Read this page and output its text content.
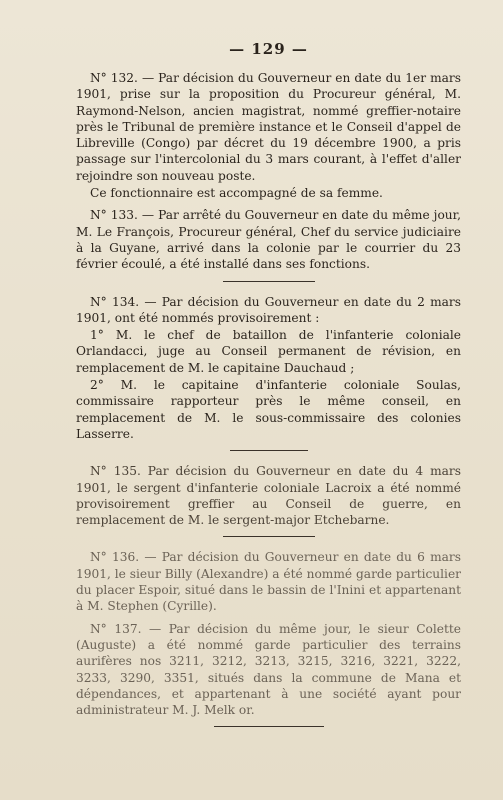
— 129 —

N° 132. — Par décision du Gouverneur en date du 1er mars 1901, prise sur la proposition du Procureur général, M. Raymond-Nelson, ancien magistrat, nommé greffier-notaire près le Tribunal de première instance et le Conseil d'appel de Libreville (Congo) par décret du 19 décembre 1900, a pris passage sur l'intercolonial du 3 mars courant, à l'effet d'aller rejoindre son nouveau poste.

Ce fonctionnaire est accompagné de sa femme.

N° 133. — Par arrêté du Gouverneur en date du même jour, M. Le François, Procureur général, Chef du service judiciaire à la Guyane, arrivé dans la colonie par le courrier du 23 février écoulé, a été installé dans ses fonctions.

N° 134. — Par décision du Gouverneur en date du 2 mars 1901, ont été nommés provisoirement :

1° M. le chef de bataillon de l'infanterie coloniale Orlandacci, juge au Conseil permanent de révision, en remplacement de M. le capitaine Dauchaud ;

2° M. le capitaine d'infanterie coloniale Soulas, commissaire rapporteur près le même conseil, en remplacement de M. le sous-commissaire des colonies Lasserre.

N° 135. Par décision du Gouverneur en date du 4 mars 1901, le sergent d'infanterie coloniale Lacroix a été nommé provisoirement greffier au Conseil de guerre, en remplacement de M. le sergent-major Etchebarne.

N° 136. — Par décision du Gouverneur en date du 6 mars 1901, le sieur Billy (Alexandre) a été nommé garde particulier du placer Espoir, situé dans le bassin de l'Inini et appartenant à M. Stephen (Cyrille).

N° 137. — Par décision du même jour, le sieur Colette (Auguste) a été nommé garde particulier des terrains aurifères nos 3211, 3212, 3213, 3215, 3216, 3221, 3222, 3233, 3290, 3351, situés dans la commune de Mana et dépendances, et appartenant à une société ayant pour administrateur M. J. Melk or.
